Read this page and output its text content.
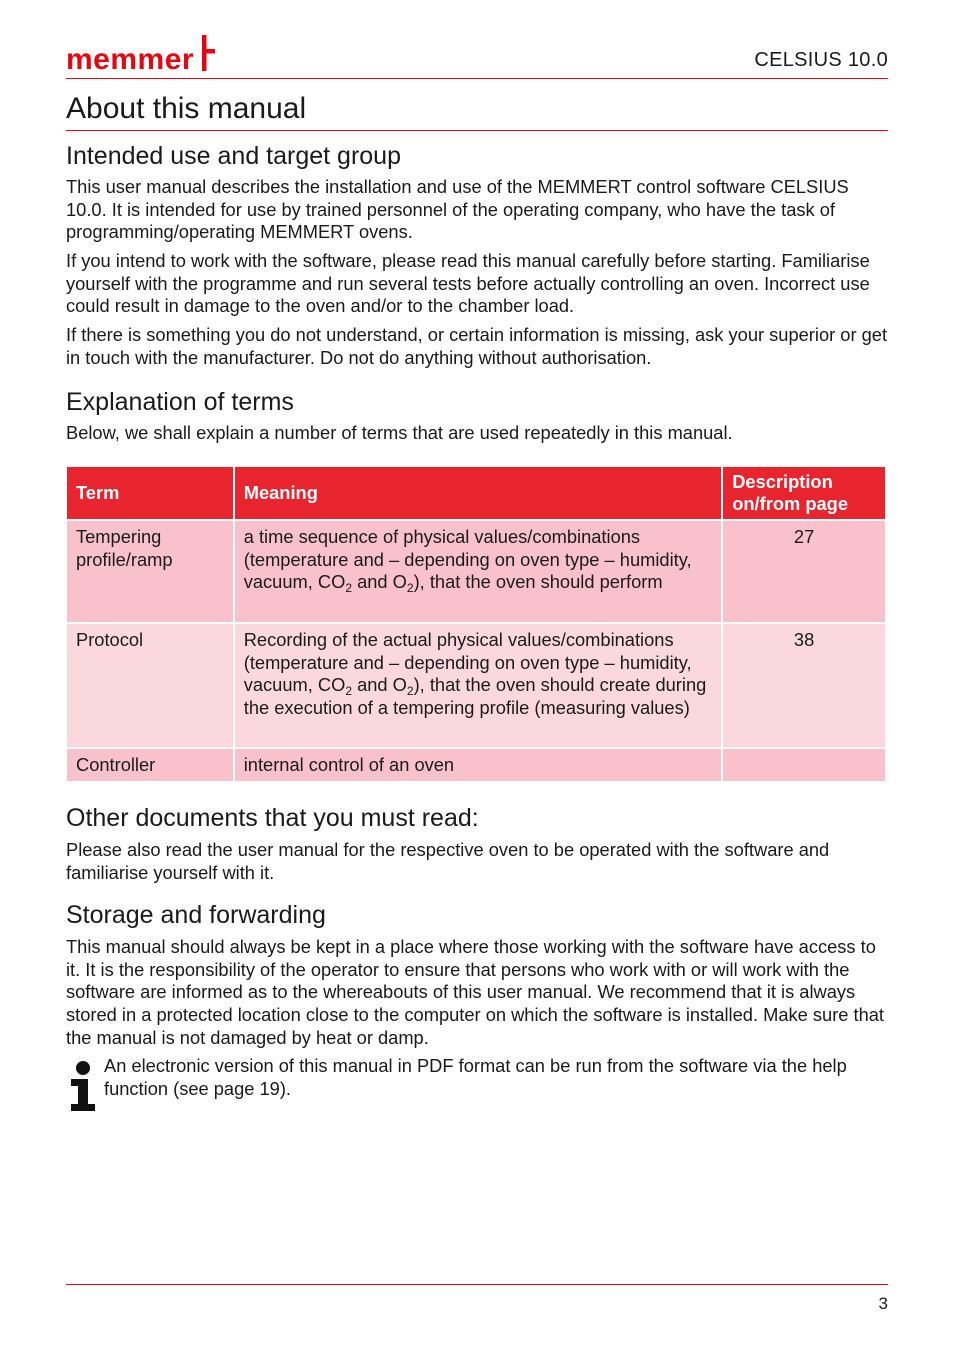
memmer	CELSIUS 10.0
About this manual
Intended use and target group

This user manual describes the installation and use of the MEMMERT control software CELSIUS 10.0. It is intended for use by trained personnel of the operating company, who have the task of programming/operating MEMMERT ovens.

If you intend to work with the software, please read this manual carefully before starting. Familiarise yourself with the programme and run several tests before actually controlling an oven. Incorrect use could result in damage to the oven and/or to the chamber load.

If there is something you do not understand, or certain information is missing, ask your superior or get in touch with the manufacturer. Do not do anything without authorisation.

Explanation of terms

Below, we shall explain a number of terms that are used repeatedly in this manual.

Term	Meaning	Description on/from page
Tempering profile/ramp	a time sequence of physical values/combinations (temperature and – depending on oven type – humidity, vacuum, $CO_2$ and $O_2$), that the oven should perform	27
Protocol	Recording of the actual physical values/combinations (temperature and – depending on oven type – humidity, vacuum, $CO_2$ and $O_2$), that the oven should create during the execution of a tempering profile (measuring values)	38
Controller	internal control of an oven	
Other documents that you must read:

Please also read the user manual for the respective oven to be operated with the software and familiarise yourself with it.

Storage and forwarding

This manual should always be kept in a place where those working with the software have access to it. It is the responsibility of the operator to ensure that persons who work with or will work with the software are informed as to the whereabouts of this user manual. We recommend that it is always stored in a protected location close to the computer on which the software is installed. Make sure that the manual is not damaged by heat or damp.

An electronic version of this manual in PDF format can be run from the software via the help function (see page 19).

3
